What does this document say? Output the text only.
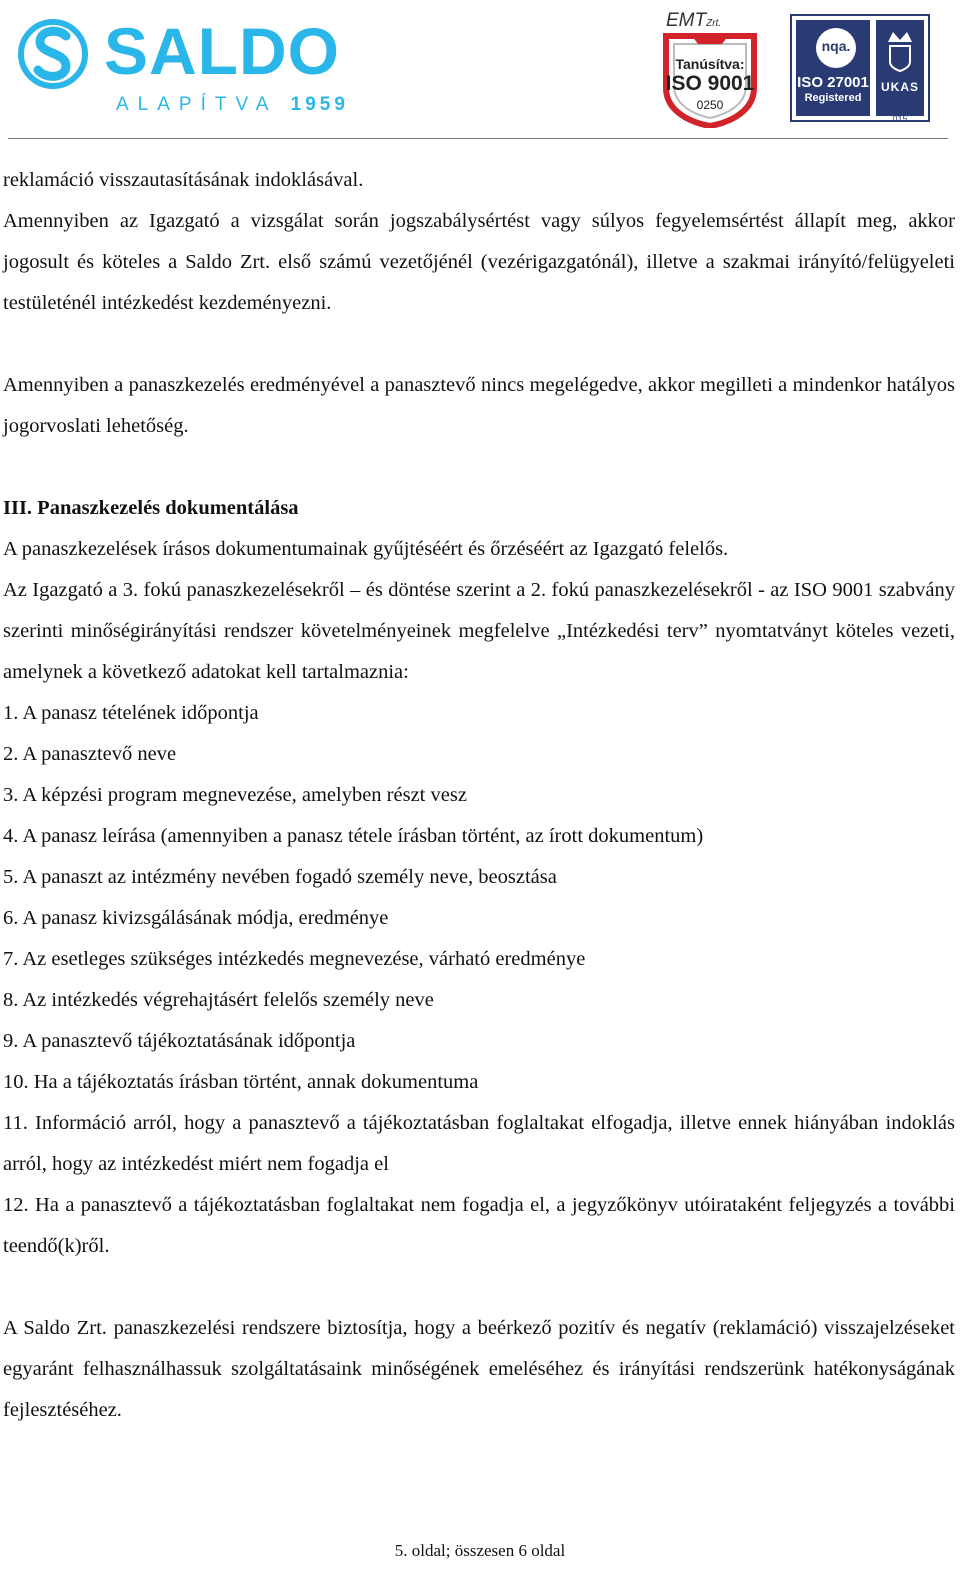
SALDO
ALAPÍTVA 1959
EMTZrt.
Tanúsítva:
ISO 9001
0250
nqa.
ISO 27001
Registered
UKAS
015

reklamáció visszautasításának indoklásával.

Amennyiben az Igazgató a vizsgálat során jogszabálysértést vagy súlyos fegyelemsértést állapít meg, akkor jogosult és köteles a Saldo Zrt. első számú vezetőjénél (vezérigazgatónál), illetve a szakmai irányító/felügyeleti testületénél intézkedést kezdeményezni.

Amennyiben a panaszkezelés eredményével a panasztevő nincs megelégedve, akkor megilleti a mindenkor hatályos jogorvoslati lehetőség.

III. Panaszkezelés dokumentálása

A panaszkezelések írásos dokumentumainak gyűjtéséért és őrzéséért az Igazgató felelős.

Az Igazgató a 3. fokú panaszkezelésekről – és döntése szerint a 2. fokú panaszkezelésekről - az ISO 9001 szabvány szerinti minőségirányítási rendszer követelményeinek megfelelve „Intézkedési terv” nyomtatványt köteles vezeti, amelynek a következő adatokat kell tartalmaznia:

1. A panasz tételének időpontja

2. A panasztevő neve

3. A képzési program megnevezése, amelyben részt vesz

4. A panasz leírása (amennyiben a panasz tétele írásban történt, az írott dokumentum)

5. A panaszt az intézmény nevében fogadó személy neve, beosztása

6. A panasz kivizsgálásának módja, eredménye

7. Az esetleges szükséges intézkedés megnevezése, várható eredménye

8. Az intézkedés végrehajtásért felelős személy neve

9. A panasztevő tájékoztatásának időpontja

10. Ha a tájékoztatás írásban történt, annak dokumentuma

11. Információ arról, hogy a panasztevő a tájékoztatásban foglaltakat elfogadja, illetve ennek hiányában indoklás arról, hogy az intézkedést miért nem fogadja el

12. Ha a panasztevő a tájékoztatásban foglaltakat nem fogadja el, a jegyzőkönyv utóirataként feljegyzés a további teendő(k)ről.

A Saldo Zrt. panaszkezelési rendszere biztosítja, hogy a beérkező pozitív és negatív (reklamáció) visszajelzéseket egyaránt felhasználhassuk szolgáltatásaink minőségének emeléséhez és irányítási rendszerünk hatékonyságának fejlesztéséhez.

5. oldal; összesen 6 oldal
